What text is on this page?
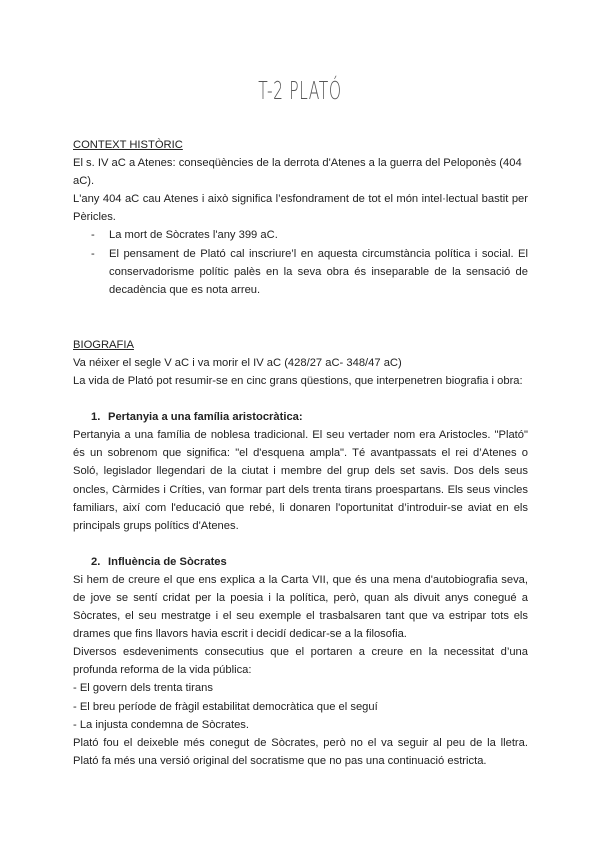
T-2 PLATÓ
CONTEXT HISTÒRIC
El s. IV aC a Atenes: conseqüències de la derrota d'Atenes a la guerra del Peloponès (404 aC).
L'any 404 aC cau Atenes i això significa l’esfondrament de tot el món intel·lectual bastit per Pèricles.
- La mort de Sòcrates l'any 399 aC.
- El pensament de Plató cal inscriure’l en aquesta circumstància política i social. El conservadorisme polític palès en la seva obra és inseparable de la sensació de decadència que es nota arreu.
BIOGRAFIA
Va néixer el segle V aC i va morir el IV aC (428/27 aC- 348/47 aC)
La vida de Plató pot resumir-se en cinc grans qüestions, que interpenetren biografia i obra:
1. Pertanyia a una família aristocràtica:
Pertanyia a una família de noblesa tradicional. El seu vertader nom era Aristocles. "Plató" és un sobrenom que significa: "el d'esquena ampla". Té avantpassats el rei d’Atenes o Soló, legislador llegendari de la ciutat i membre del grup dels set savis. Dos dels seus oncles, Càrmides i Críties, van formar part dels trenta tirans proespartans. Els seus vincles familiars, així com l'educació que rebé, li donaren l'oportunitat d’introduir-se aviat en els principals grups polítics d'Atenes.
2. Influència de Sòcrates
Si hem de creure el que ens explica a la Carta VII, que és una mena d'autobiografia seva, de jove se sentí cridat per la poesia i la política, però, quan als divuit anys conegué a Sòcrates, el seu mestratge i el seu exemple el trasbalsaren tant que va estripar tots els drames que fins llavors havia escrit i decidí dedicar-se a la filosofia.
Diversos esdeveniments consecutius que el portaren a creure en la necessitat d’una profunda reforma de la vida pública:
- El govern dels trenta tirans
- El breu període de fràgil estabilitat democràtica que el seguí
- La injusta condemna de Sòcrates.
Plató fou el deixeble més conegut de Sòcrates, però no el va seguir al peu de la lletra. Plató fa més una versió original del socratisme que no pas una continuació estricta.
